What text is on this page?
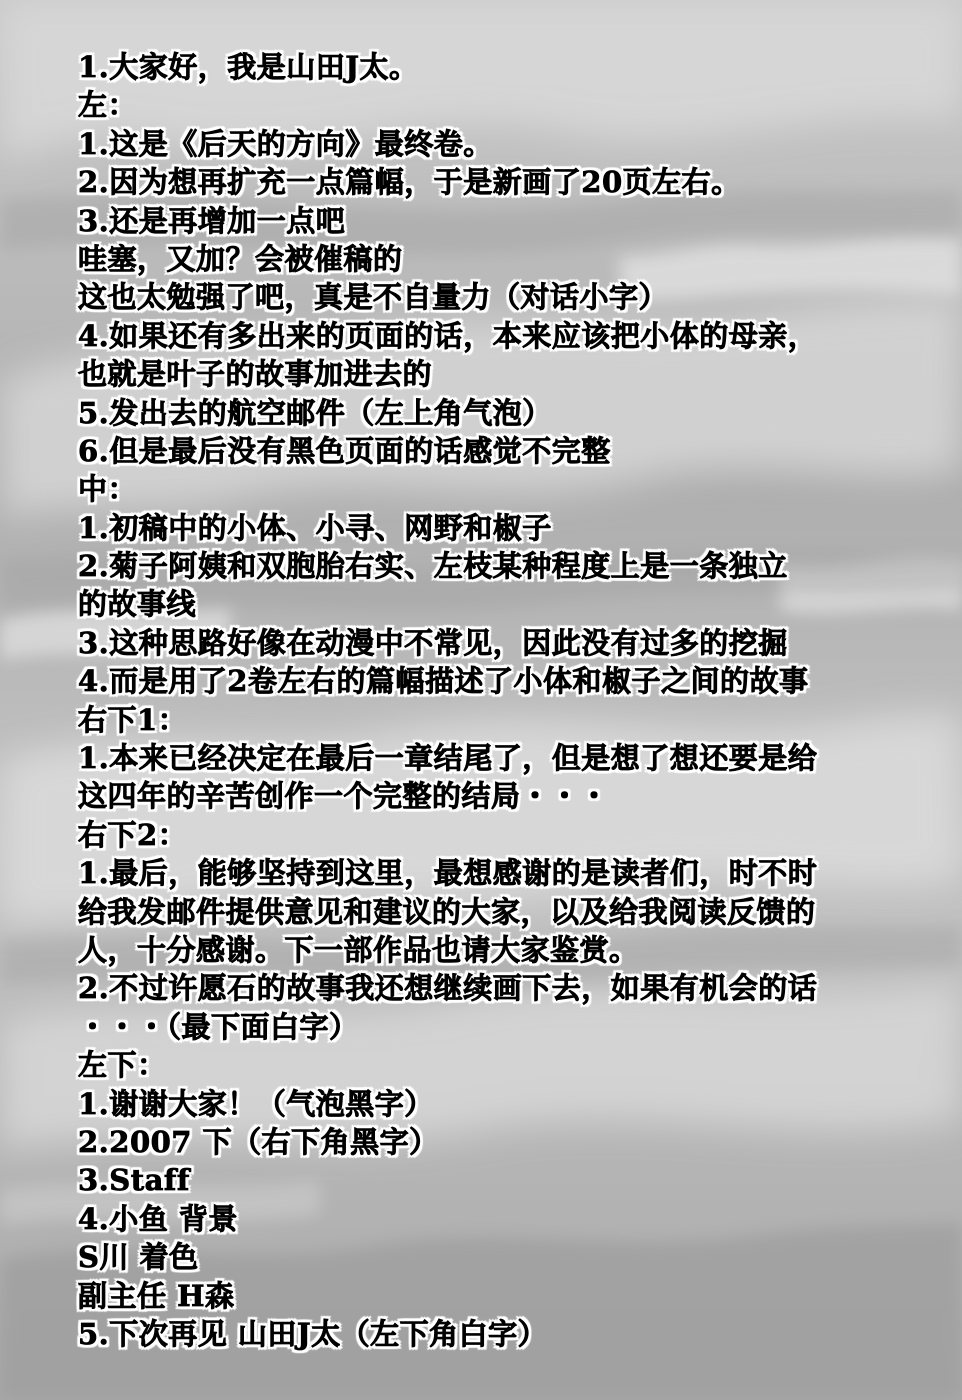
1.大家好，我是山田J太。
左：
1.这是《后天的方向》最终卷。
2.因为想再扩充一点篇幅，于是新画了20页左右。
3.还是再增加一点吧
哇塞，又加？会被催稿的
这也太勉强了吧，真是不自量力（对话小字）
4.如果还有多出来的页面的话，本来应该把小体的母亲，
也就是叶子的故事加进去的
5.发出去的航空邮件（左上角气泡）
6.但是最后没有黑色页面的话感觉不完整
中：
1.初稿中的小体、小寻、网野和椒子
2.菊子阿姨和双胞胎右实、左枝某种程度上是一条独立
的故事线
3.这种思路好像在动漫中不常见，因此没有过多的挖掘
4.而是用了2卷左右的篇幅描述了小体和椒子之间的故事
右下1：
1.本来已经决定在最后一章结尾了，但是想了想还要是给
这四年的辛苦创作一个完整的结局・・・
右下2：
1.最后，能够坚持到这里，最想感谢的是读者们，时不时
给我发邮件提供意见和建议的大家，以及给我阅读反馈的
人，十分感谢。下一部作品也请大家鉴赏。
2.不过许愿石的故事我还想继续画下去，如果有机会的话
・・・（最下面白字）
左下：
1.谢谢大家！（气泡黑字）
2.2007 下（右下角黑字）
3.Staff
4.小鱼 背景
S川 着色
副主任 H森
5.下次再见 山田J太（左下角白字）
